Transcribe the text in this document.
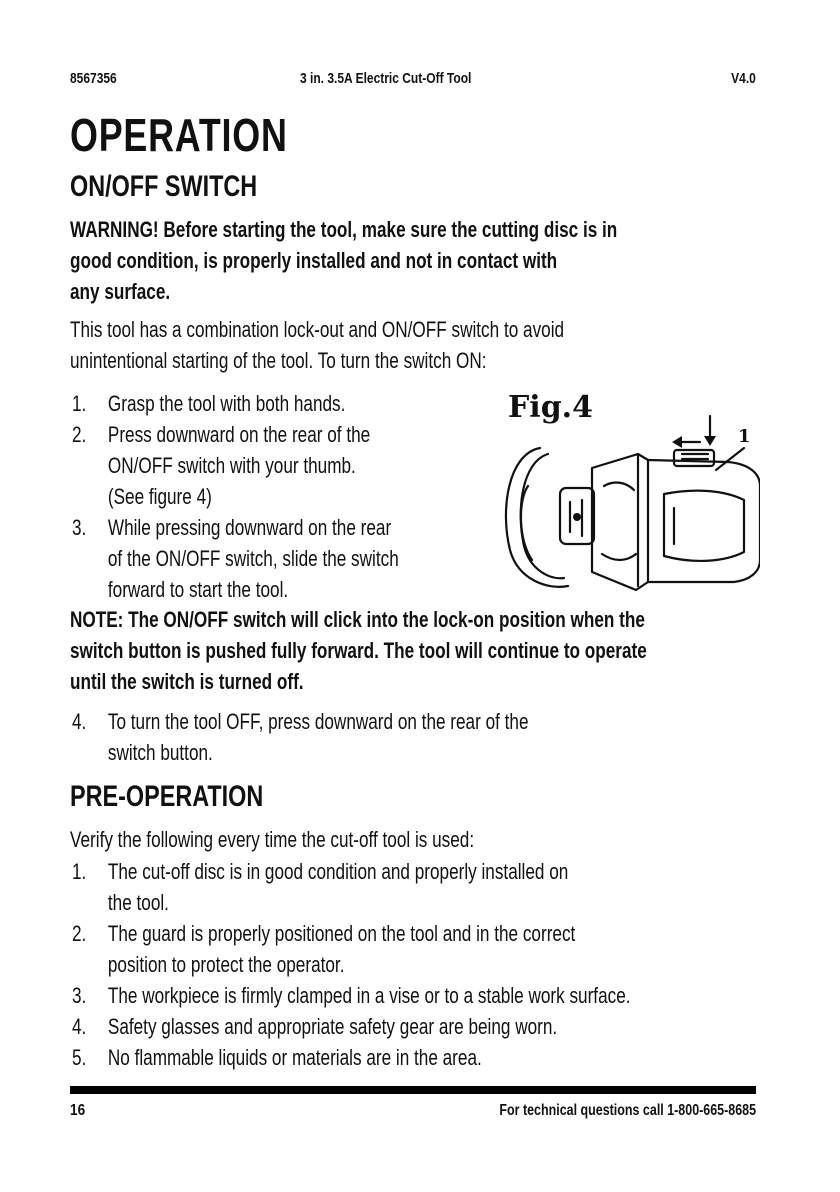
8567356	3 in. 3.5A Electric Cut-Off Tool	V4.0
OPERATION
ON/OFF SWITCH
WARNING! Before starting the tool, make sure the cutting disc is in
good condition, is properly installed and not in contact with
any surface.
This tool has a combination lock-out and ON/OFF switch to avoid
unintentional starting of the tool. To turn the switch ON:
1. Grasp the tool with both hands.
2. Press downward on the rear of the
ON/OFF switch with your thumb.
(See figure 4)
3. While pressing downward on the rear
of the ON/OFF switch, slide the switch
forward to start the tool.
Fig.4
1
NOTE: The ON/OFF switch will click into the lock-on position when the
switch button is pushed fully forward. The tool will continue to operate
until the switch is turned off.
4. To turn the tool OFF, press downward on the rear of the
switch button.
PRE-OPERATION
Verify the following every time the cut-off tool is used:
1. The cut-off disc is in good condition and properly installed on
the tool.
2. The guard is properly positioned on the tool and in the correct
position to protect the operator.
3. The workpiece is firmly clamped in a vise or to a stable work surface.
4. Safety glasses and appropriate safety gear are being worn.
5. No flammable liquids or materials are in the area.
16	For technical questions call 1-800-665-8685
